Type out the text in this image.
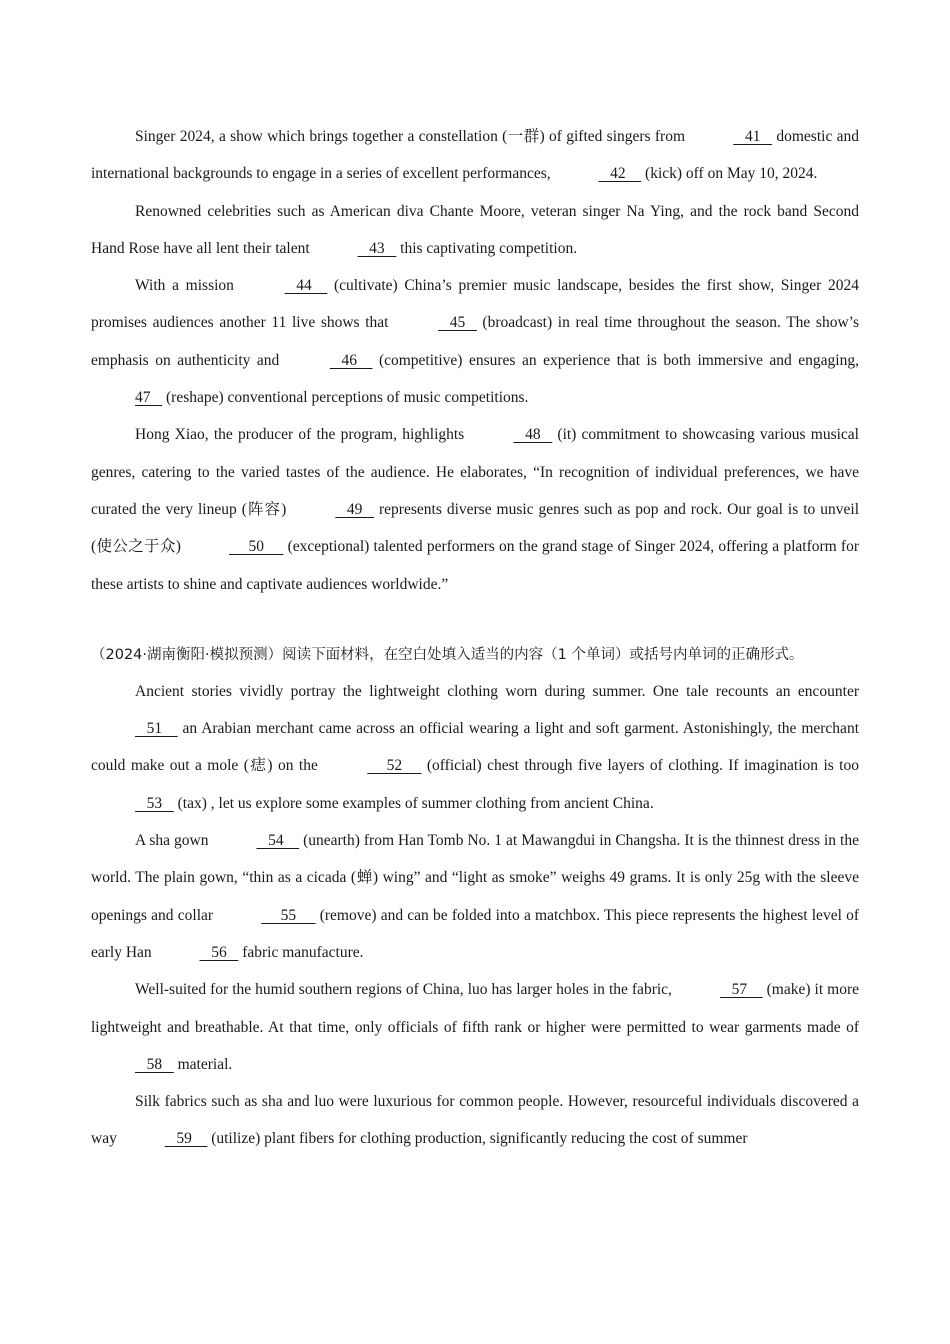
Singer 2024, a show which brings together a constellation (一群) of gifted singers from	41    domestic and international backgrounds to engage in a series of excellent performances,	42     (kick) off on May 10, 2024.

Renowned celebrities such as American diva Chante Moore, veteran singer Na Ying, and the rock band Second Hand Rose have all lent their talent	43    this captivating competition.

With a mission	44     (cultivate) China’s premier music landscape, besides the first show, Singer 2024 promises audiences another 11 live shows that	45    (broadcast) in real time throughout the season. The show’s emphasis on authenticity and	46     (competitive) ensures an experience that is both immersive and engaging, 47    (reshape) conventional perceptions of music competitions.

Hong Xiao, the producer of the program, highlights	48    (it) commitment to showcasing various musical genres, catering to the varied tastes of the audience. He elaborates, “In recognition of individual preferences, we have curated the very lineup (阵容)	49    represents diverse music genres such as pop and rock. Our goal is to unveil (使公之于众)	50      (exceptional) talented performers on the grand stage of Singer 2024, offering a platform for these artists to shine and captivate audiences worldwide.”

（2024·湖南衡阳·模拟预测）阅读下面材料，在空白处填入适当的内容（1 个单词）或括号内单词的正确形式。

Ancient stories vividly portray the lightweight clothing worn during summer. One tale recounts an encounter    51     an Arabian merchant came across an official wearing a light and soft garment. Astonishingly, the merchant could make out a mole (痣) on the	52      (official) chest through five layers of clothing. If imagination is too    53    (tax) , let us explore some examples of summer clothing from ancient China.

A sha gown	54     (unearth) from Han Tomb No. 1 at Mawangdui in Changsha. It is the thinnest dress in the world. The plain gown, “thin as a cicada (蝉) wing” and “light as smoke” weighs 49 grams. It is only 25g with the sleeve openings and collar	55      (remove) and can be folded into a matchbox. This piece represents the highest level of early Han	56    fabric manufacture.

Well-suited for the humid southern regions of China, luo has larger holes in the fabric,	57     (make) it more lightweight and breathable. At that time, only officials of fifth rank or higher were permitted to wear garments made of    58    material.

Silk fabrics such as sha and luo were luxurious for common people. However, resourceful individuals discovered a way	59     (utilize) plant fibers for clothing production, significantly reducing the cost of summer
